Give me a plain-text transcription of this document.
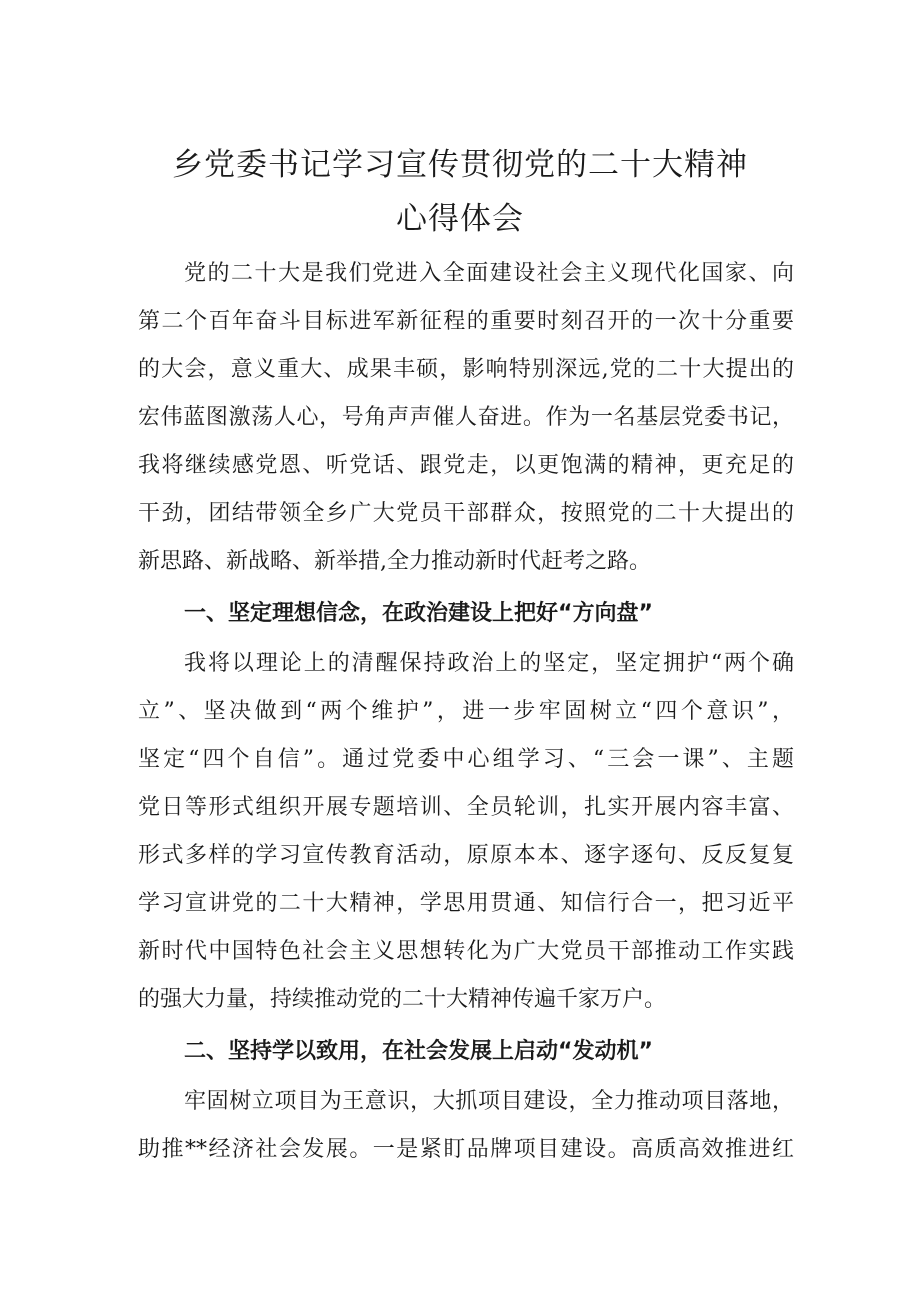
乡党委书记学习宣传贯彻党的二十大精神
心得体会
党的二十大是我们党进入全面建设社会主义现代化国家、向
第二个百年奋斗目标进军新征程的重要时刻召开的一次十分重要
的大会，意义重大、成果丰硕，影响特别深远,党的二十大提出的
宏伟蓝图激荡人心，号角声声催人奋进。作为一名基层党委书记，
我将继续感党恩、听党话、跟党走，以更饱满的精神，更充足的
干劲，团结带领全乡广大党员干部群众，按照党的二十大提出的
新思路、新战略、新举措,全力推动新时代赶考之路。
一、坚定理想信念，在政治建设上把好“方向盘”
我将以理论上的清醒保持政治上的坚定，坚定拥护“两个确
立”、坚决做到“两个维护”，进一步牢固树立“四个意识”，
坚定“四个自信”。通过党委中心组学习、“三会一课”、主题
党日等形式组织开展专题培训、全员轮训，扎实开展内容丰富、
形式多样的学习宣传教育活动，原原本本、逐字逐句、反反复复
学习宣讲党的二十大精神，学思用贯通、知信行合一，把习近平
新时代中国特色社会主义思想转化为广大党员干部推动工作实践
的强大力量，持续推动党的二十大精神传遍千家万户。
二、坚持学以致用，在社会发展上启动“发动机”
牢固树立项目为王意识，大抓项目建设，全力推动项目落地，
助推**经济社会发展。一是紧盯品牌项目建设。高质高效推进红
